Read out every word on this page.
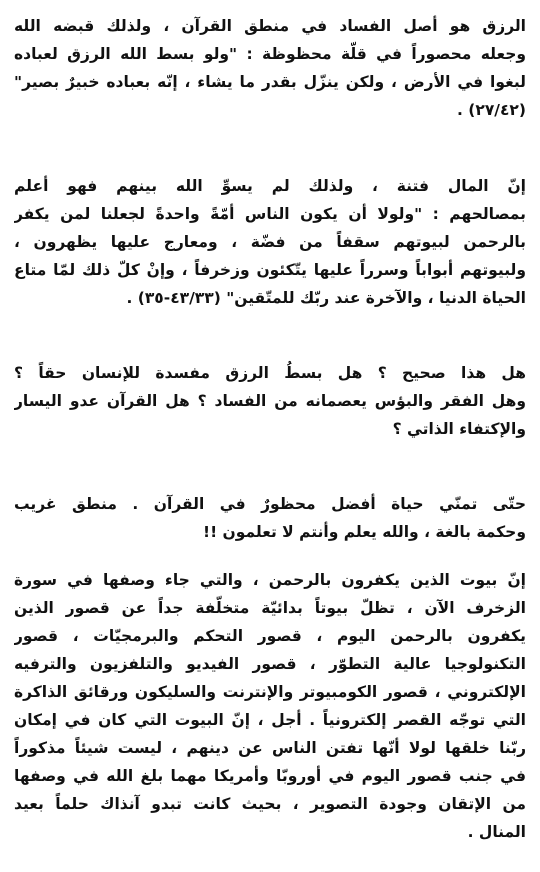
الرزق هو أصل الفساد في منطق القرآن ، ولذلك قبضه الله
وجعله محصوراً في قلّة محظوظة : "ولو بسط الله الرزق لعباده
لبغوا في الأرض ، ولكن ينزّل بقدر ما يشاء ، إنّه بعباده خبيرٌ بصير"
(٢٧/٤٢) .
إنّ المال فتنة ، ولذلك لم يسوِّ الله بينهم فهو أعلم
بمصالحهم : "ولولا أن يكون الناس أمّةً واحدةً لجعلنا لمن يكفر
بالرحمن لبيوتهم سقفاً من فضّة ، ومعارج عليها يظهرون ،
ولبيوتهم أبواباً وسرراً عليها يتّكئون وزخرفاً ، وإنْ كلّ ذلك لمّا متاع
الحياة الدنيا ، والآخرة عند ربّك للمتّقين" (٤٣/٣٣-٣٥) .
هل هذا صحيح ؟ هل بسطُ الرزق مفسدة للإنسان حقاً ؟
وهل الفقر والبؤس يعصمانه من الفساد ؟ هل القرآن عدو اليسار
والإكتفاء الذاتي ؟
حتّى تمنّي حياة أفضل محظورٌ في القرآن . منطق غريب
وحكمة بالغة ، والله يعلم وأنتم لا تعلمون !!
إنّ بيوت الذين يكفرون بالرحمن ، والتي جاء وصفها في سورة
الزخرف الآن ، تظلّ بيوتاً بدائيّة متخلّفة جداً عن قصور الذين
يكفرون بالرحمن اليوم ، قصور التحكم والبرمجيّات ، قصور
التكنولوجيا عالية التطوّر ، قصور الفيديو والتلفزيون والترفيه
الإلكتروني ، قصور الكومبيوتر والإنترنت والسليكون ورقائق الذاكرة
التي توجّه القصر إلكترونياً . أجل ، إنّ البيوت التي كان في إمكان
ربّنا خلقها لولا أنّها تفتن الناس عن دينهم ، ليست شيئاً مذكوراً
في جنب قصور اليوم في أوروبّا وأمريكا مهما بلغ الله في وصفها
من الإتقان وجودة التصوير ، بحيث كانت تبدو آنذاك حلماً بعيد
المنال .
